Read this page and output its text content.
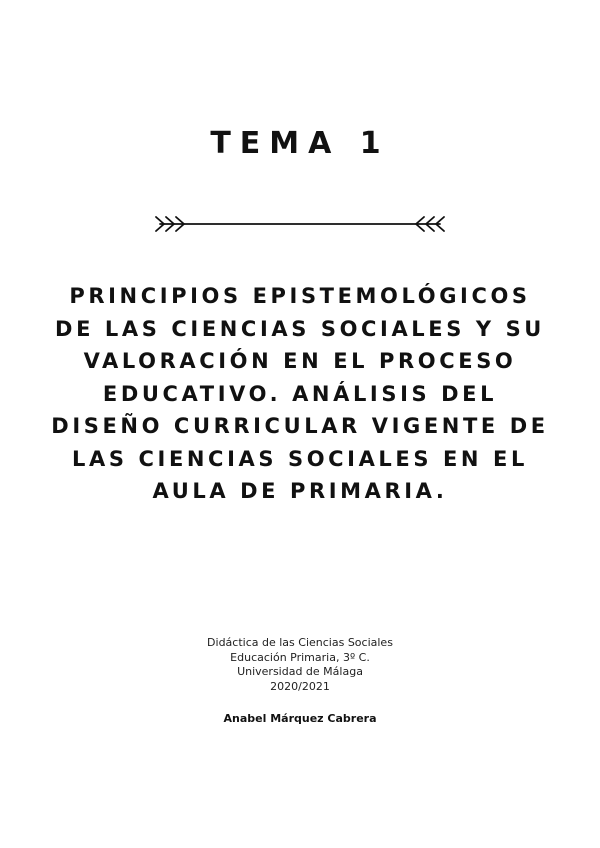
TEMA 1
PRINCIPIOS EPISTEMOLÓGICOS DE LAS CIENCIAS SOCIALES Y SU VALORACIÓN EN EL PROCESO EDUCATIVO. ANÁLISIS DEL DISEÑO CURRICULAR VIGENTE DE LAS CIENCIAS SOCIALES EN EL AULA DE PRIMARIA.
Didáctica de las Ciencias Sociales
Educación Primaria, 3º C.
Universidad de Málaga
2020/2021
Anabel Márquez Cabrera
